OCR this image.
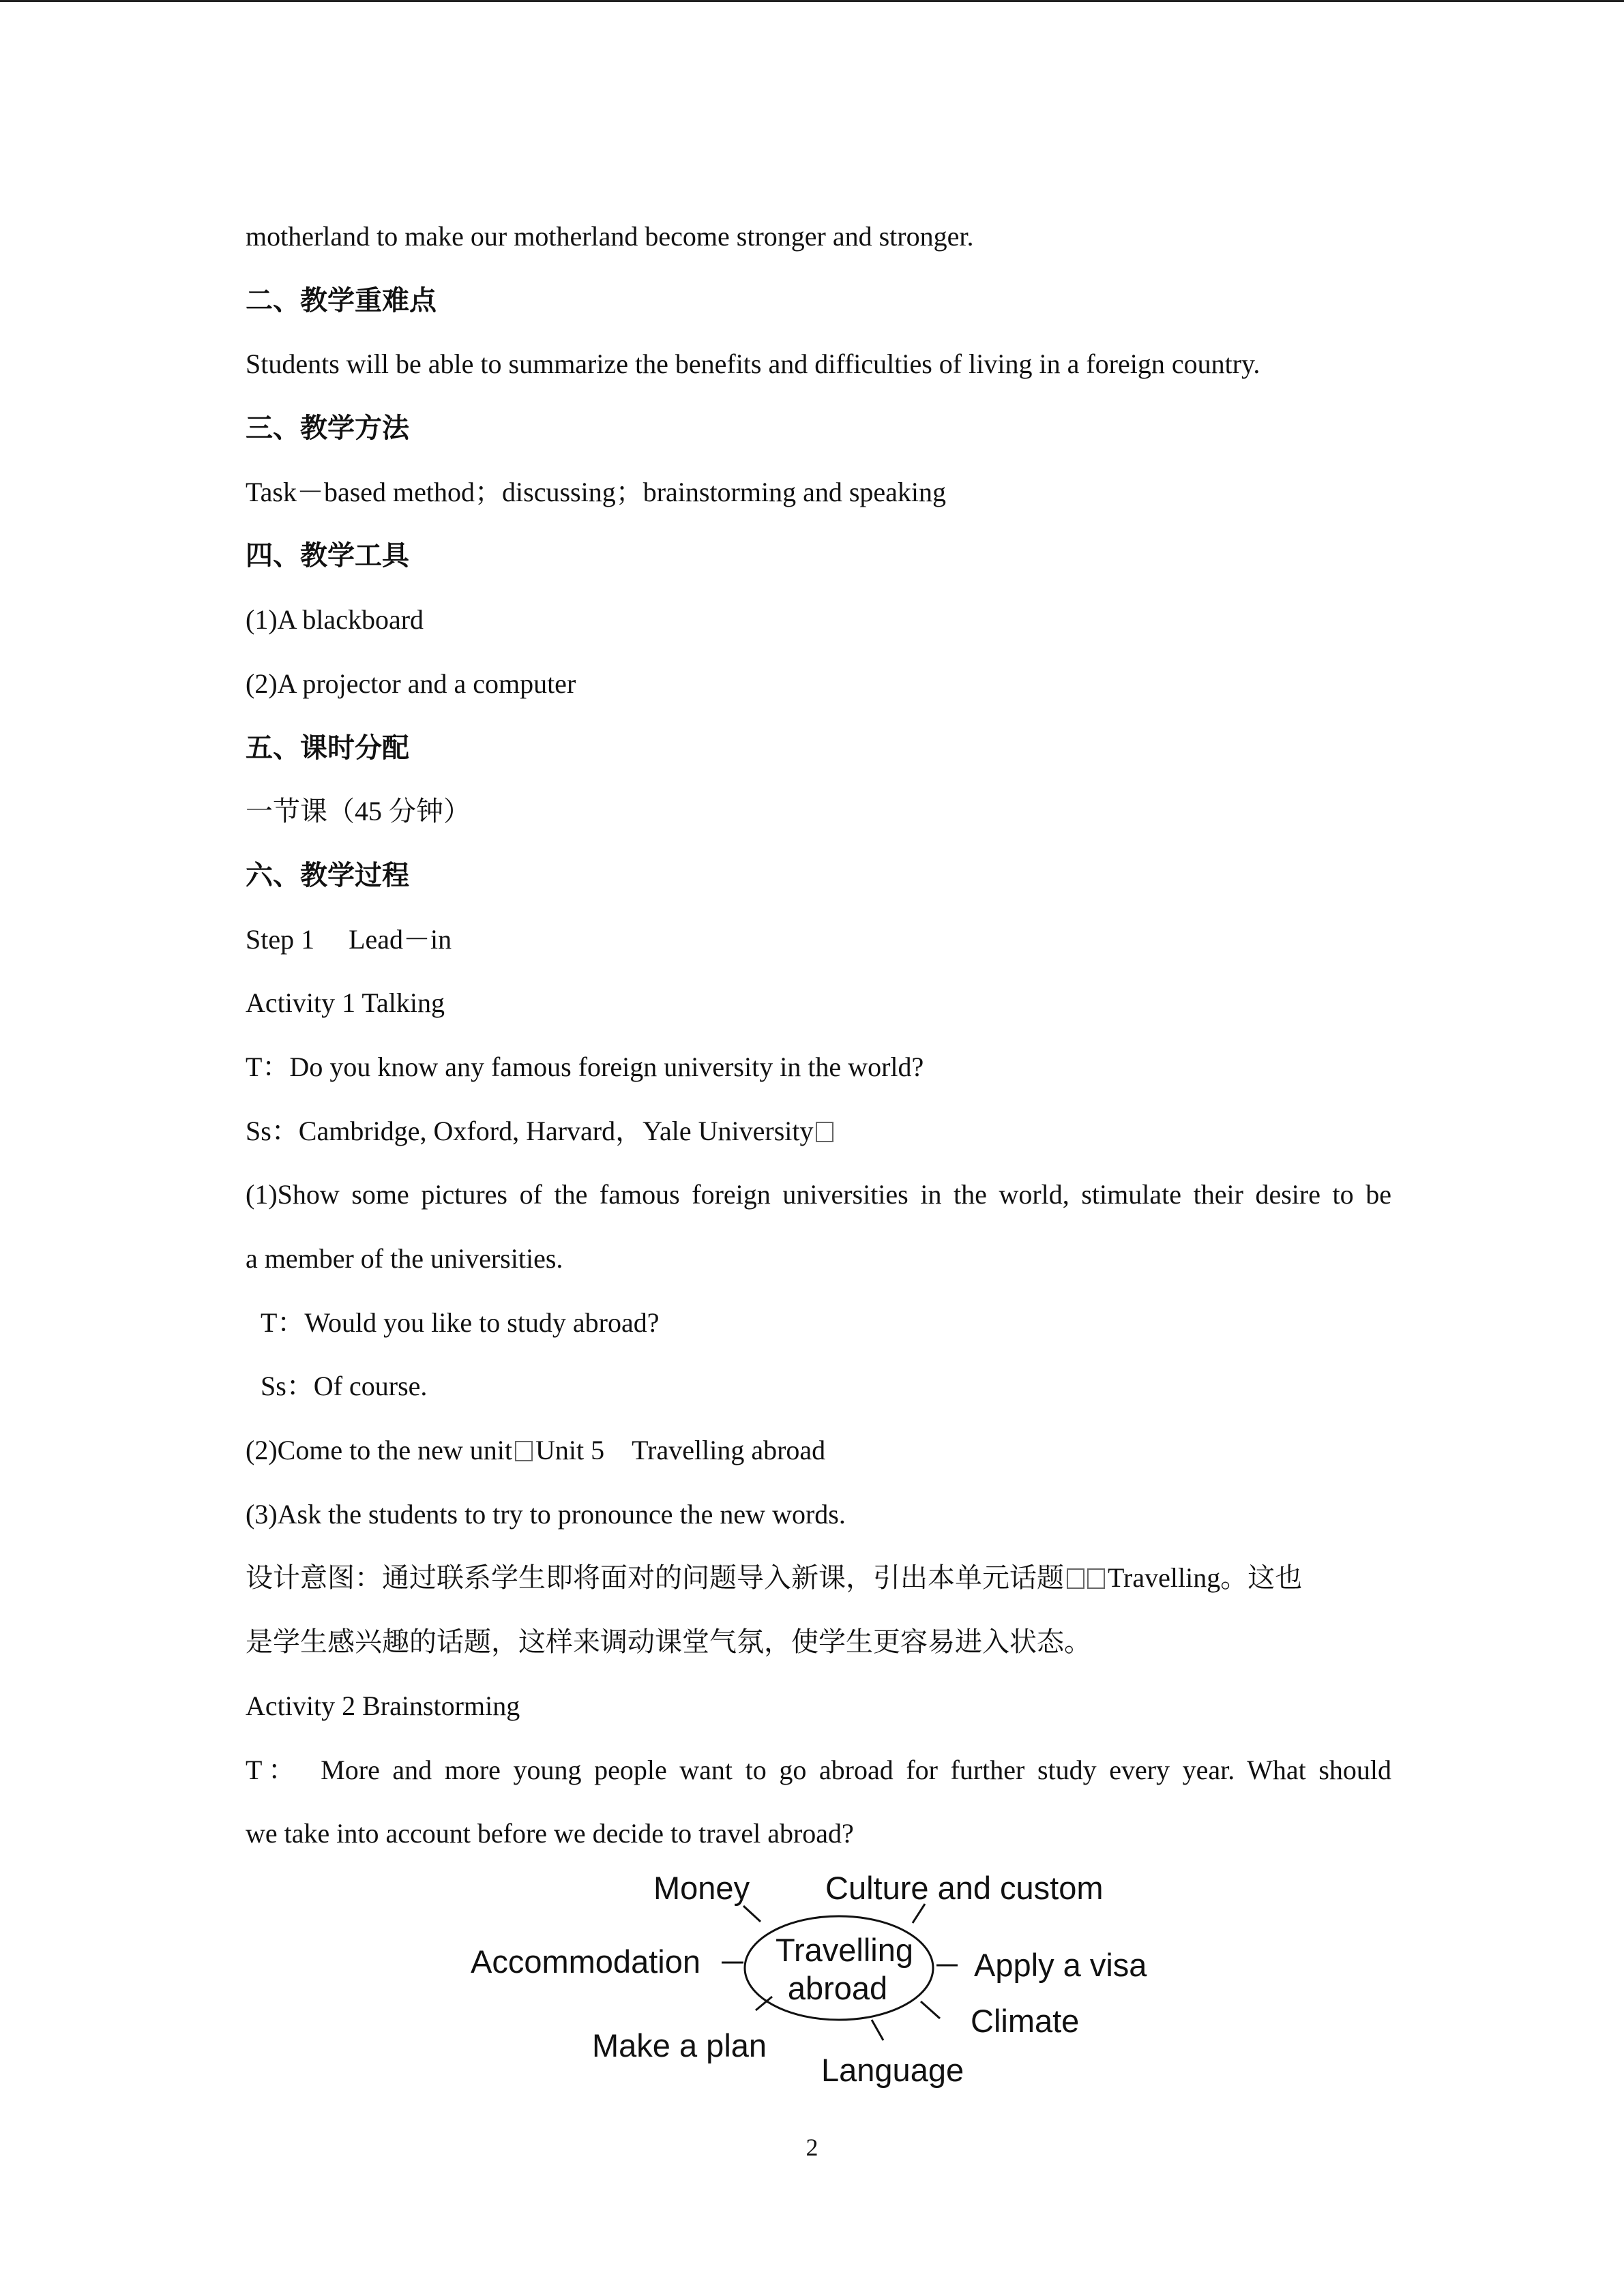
motherland to make our motherland become stronger and stronger.
二、教学重难点
Students will be able to summarize the benefits and difficulties of living in a foreign country.
三、教学方法
Task－based method；discussing；brainstorming and speaking
四、教学工具
(1)A blackboard
(2)A projector and a computer
五、课时分配
一节课（45 分钟）
六、教学过程
Step 1　 Lead－in
Activity 1 Talking
T：Do you know any famous foreign university in the world?
Ss：Cambridge, Oxford, Harvard，Yale University
(1)Show some pictures of the famous foreign universities in the world, stimulate their desire to be
a member of the universities.
T：Would you like to study abroad?
Ss：Of course.
(2)Come to the new unit Unit 5　Travelling abroad
(3)Ask the students to try to pronounce the new words.
设计意图：通过联系学生即将面对的问题导入新课，引出本单元话题 Travelling。这也
是学生感兴趣的话题，这样来调动课堂气氛，使学生更容易进入状态。
Activity 2 Brainstorming
T：　More and more young people want to go abroad for further study every year. What should
we take into account before we decide to travel abroad?
Travelling
abroad
Money Culture and custom
Accommodation	Apply a visa
Climate
Make a plan
Language
2
